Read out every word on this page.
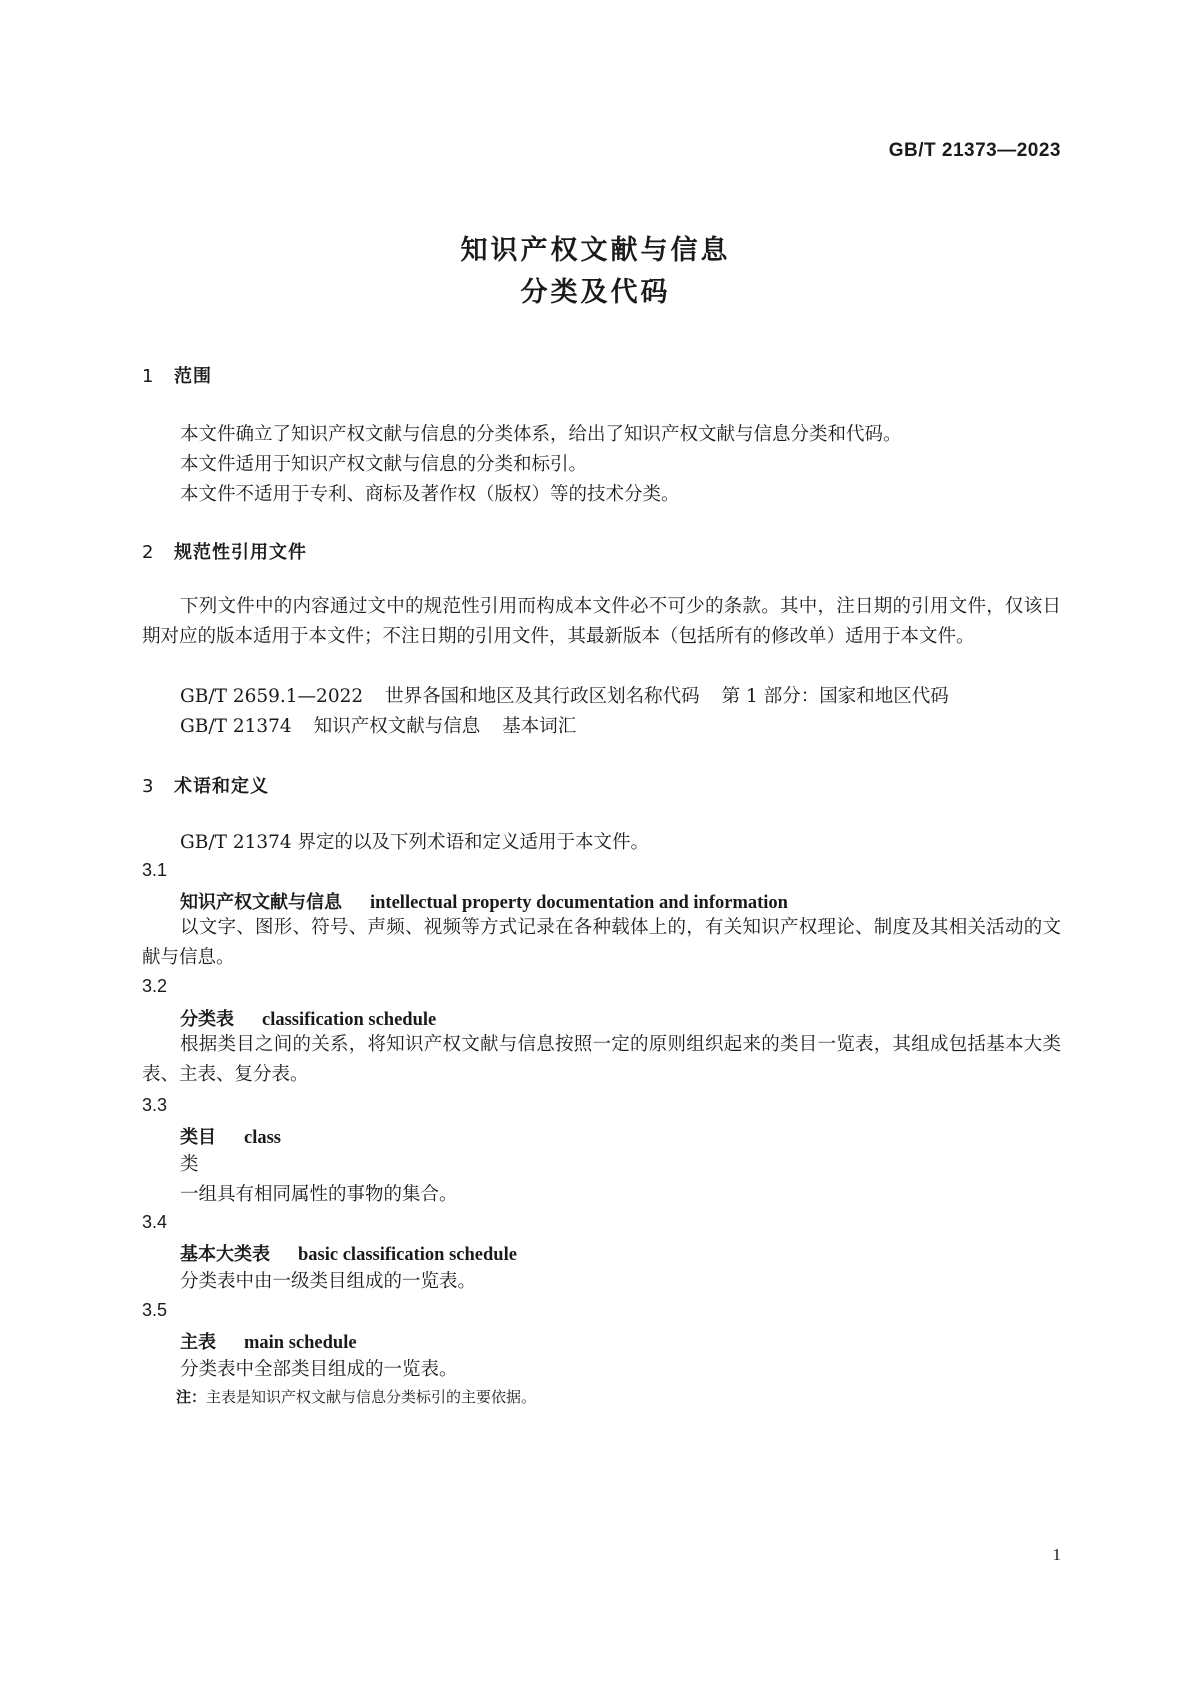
GB/T 21373—2023
知识产权文献与信息
分类及代码
1 范围
本文件确立了知识产权文献与信息的分类体系，给出了知识产权文献与信息分类和代码。
本文件适用于知识产权文献与信息的分类和标引。
本文件不适用于专利、商标及著作权（版权）等的技术分类。
2 规范性引用文件
下列文件中的内容通过文中的规范性引用而构成本文件必不可少的条款。其中，注日期的引用文件，仅该日期对应的版本适用于本文件；不注日期的引用文件，其最新版本（包括所有的修改单）适用于本文件。
GB/T 2659.1—2022 世界各国和地区及其行政区划名称代码 第 1 部分：国家和地区代码
GB/T 21374 知识产权文献与信息 基本词汇
3 术语和定义
GB/T 21374 界定的以及下列术语和定义适用于本文件。
3.1
知识产权文献与信息 intellectual property documentation and information
以文字、图形、符号、声频、视频等方式记录在各种载体上的，有关知识产权理论、制度及其相关活动的文献与信息。
3.2
分类表 classification schedule
根据类目之间的关系，将知识产权文献与信息按照一定的原则组织起来的类目一览表，其组成包括基本大类表、主表、复分表。
3.3
类目 class
类
一组具有相同属性的事物的集合。
3.4
基本大类表 basic classification schedule
分类表中由一级类目组成的一览表。
3.5
主表 main schedule
分类表中全部类目组成的一览表。
注：主表是知识产权文献与信息分类标引的主要依据。
1
